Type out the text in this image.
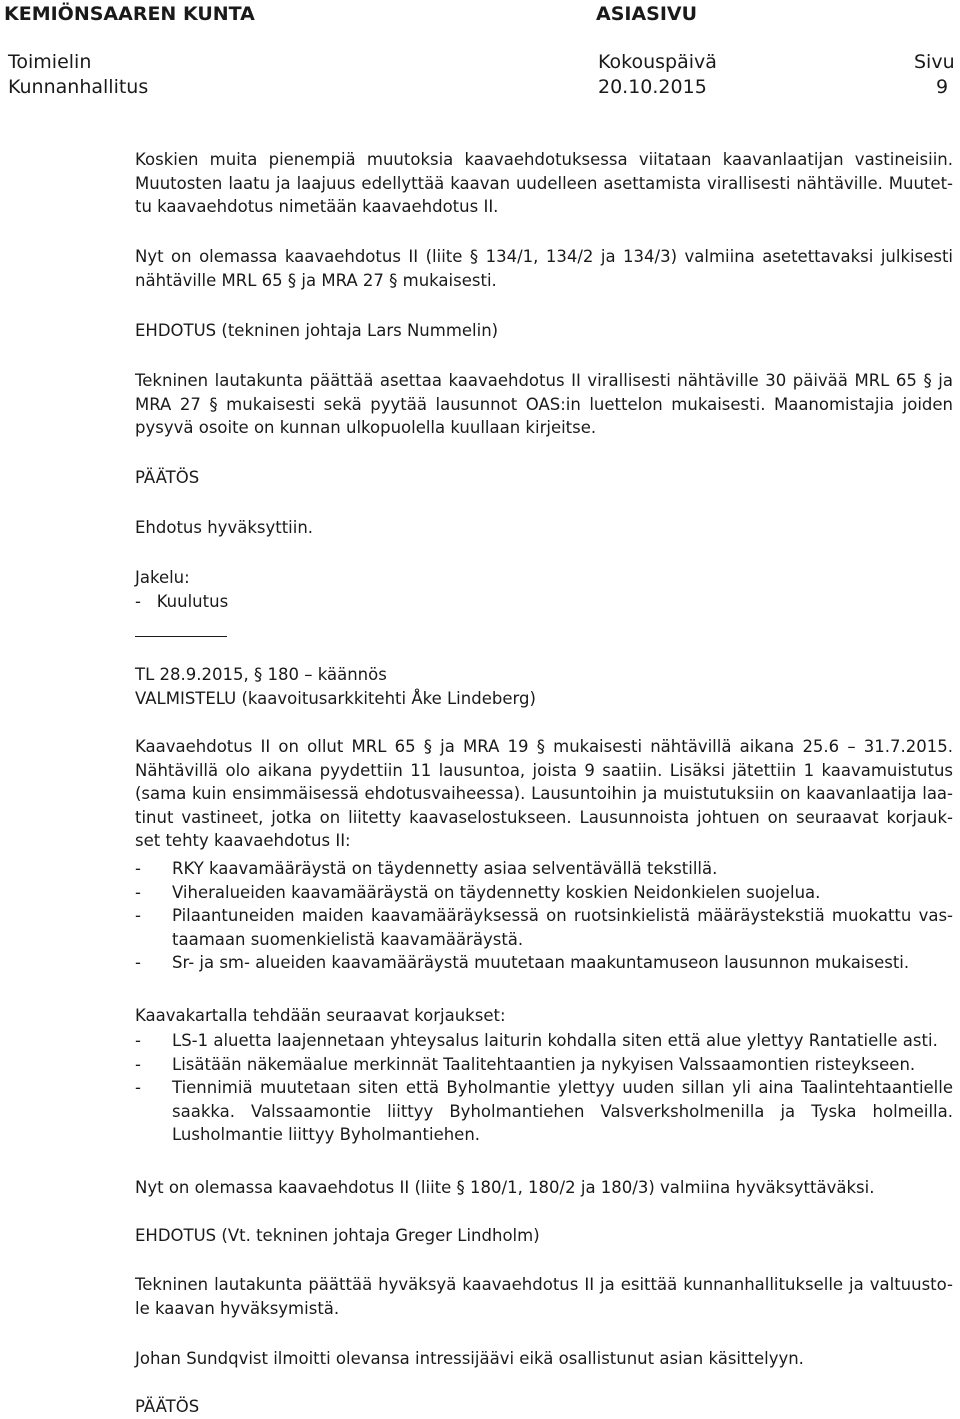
KEMIÖNSAAREN KUNTA	ASIASIVU
Toimielin
Kunnanhallitus
Kokouspäivä
20.10.2015
Sivu
9
Koskien muita pienempiä muutoksia kaavaehdotuksessa viitataan kaavanlaatijan vastineisiin.
Muutosten laatu ja laajuus edellyttää kaavan uudelleen asettamista virallisesti nähtäville. Muutet-
tu kaavaehdotus nimetään kaavaehdotus II.
Nyt on olemassa kaavaehdotus II (liite § 134/1, 134/2 ja 134/3) valmiina asetettavaksi julkisesti
nähtäville MRL 65 § ja MRA 27 § mukaisesti.
EHDOTUS (tekninen johtaja Lars Nummelin)
Tekninen lautakunta päättää asettaa kaavaehdotus II virallisesti nähtäville 30 päivää MRL 65 § ja
MRA 27 § mukaisesti sekä pyytää lausunnot OAS:in luettelon mukaisesti. Maanomistajia joiden
pysyvä osoite on kunnan ulkopuolella kuullaan kirjeitse.
PÄÄTÖS
Ehdotus hyväksyttiin.
Jakelu:
-   Kuulutus
TL 28.9.2015, § 180 – käännös
VALMISTELU (kaavoitusarkkitehti Åke Lindeberg)
Kaavaehdotus II on ollut MRL 65 § ja MRA 19 § mukaisesti nähtävillä aikana 25.6 – 31.7.2015.
Nähtävillä olo aikana pyydettiin 11 lausuntoa, joista 9 saatiin. Lisäksi jätettiin 1 kaavamuistutus
(sama kuin ensimmäisessä ehdotusvaiheessa). Lausuntoihin ja muistutuksiin on kaavanlaatija laa-
tinut vastineet, jotka on liitetty kaavaselostukseen. Lausunnoista johtuen on seuraavat korjauk-
set tehty kaavaehdotus II:
-	RKY kaavamääräystä on täydennetty asiaa selventävällä tekstillä.
-	Viheralueiden kaavamääräystä on täydennetty koskien Neidonkielen suojelua.
-	Pilaantuneiden maiden kaavamääräyksessä on ruotsinkielistä määräystekstiä muokattu vas-
taamaan suomenkielistä kaavamääräystä.
-	Sr- ja sm- alueiden kaavamääräystä muutetaan maakuntamuseon lausunnon mukaisesti.
Kaavakartalla tehdään seuraavat korjaukset:
-	LS-1 aluetta laajennetaan yhteysalus laiturin kohdalla siten että alue ylettyy Rantatielle asti.
-	Lisätään näkemäalue merkinnät Taalitehtaantien ja nykyisen Valssaamontien risteykseen.
-	Tiennimiä muutetaan siten että Byholmantie ylettyy uuden sillan yli aina Taalintehtaantielle
saakka. Valssaamontie liittyy Byholmantiehen Valsverksholmenilla ja Tyska holmeilla.
Lusholmantie liittyy Byholmantiehen.
Nyt on olemassa kaavaehdotus II (liite § 180/1, 180/2 ja 180/3) valmiina hyväksyttäväksi.
EHDOTUS (Vt. tekninen johtaja Greger Lindholm)
Tekninen lautakunta päättää hyväksyä kaavaehdotus II ja esittää kunnanhallitukselle ja valtuusto-
le kaavan hyväksymistä.
Johan Sundqvist ilmoitti olevansa intressijäävi eikä osallistunut asian käsittelyyn.
PÄÄTÖS
